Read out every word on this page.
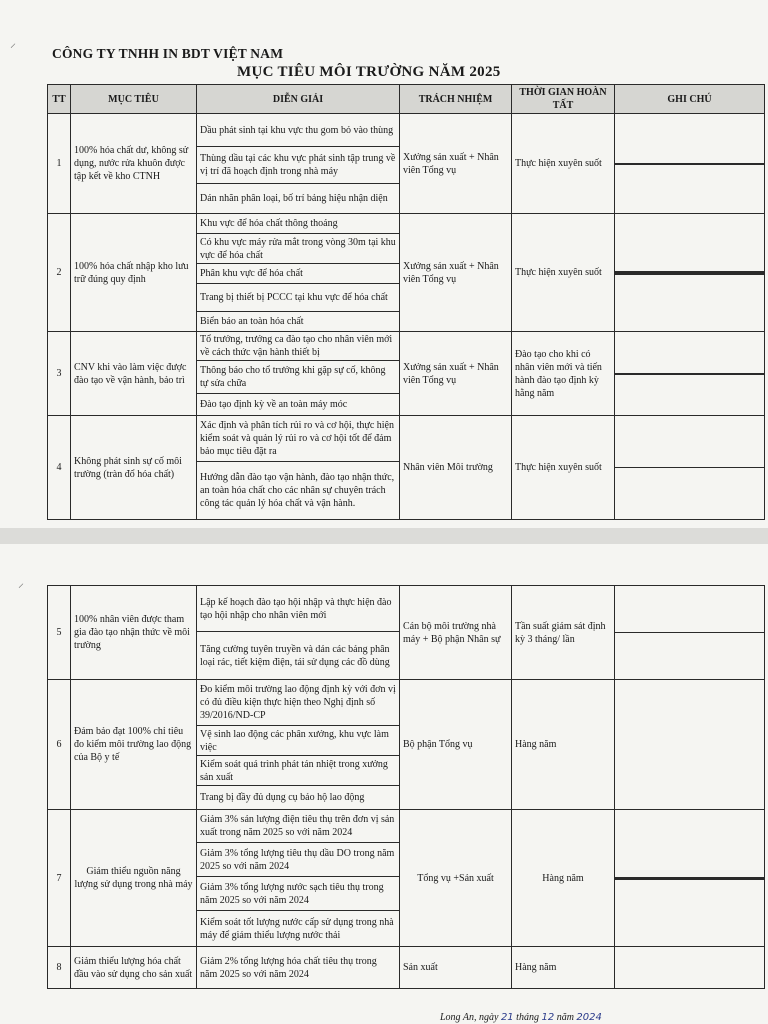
CÔNG TY TNHH IN BDT VIỆT NAM
MỤC TIÊU MÔI TRƯỜNG NĂM 2025
TT	MỤC TIÊU	DIỄN GIẢI	TRÁCH NHIỆM	THỜI GIAN HOÀN TẤT	GHI CHÚ
1	100% hóa chất dư, không sử dụng, nước rửa khuôn được tập kết về kho CTNH	Dầu phát sinh tại khu vực thu gom bỏ vào thùng	Xưởng sản xuất + Nhân viên Tổng vụ	Thực hiện xuyên suốt	

		Thùng dầu tại các khu vực phát sinh tập trung về vị trí đã hoạch định trong nhà máy			
		Dán nhãn phân loại, bố trí bảng hiệu nhận diện			
2	100% hóa chất nhập kho lưu trữ đúng quy định	Khu vực để hóa chất thông thoáng	Xưởng sản xuất + Nhân viên Tổng vụ	Thực hiện xuyên suốt	

		Có khu vực máy rửa mắt trong vòng 30m tại khu vực để hóa chất			
		Phân khu vực để hóa chất			
		Trang bị thiết bị PCCC tại khu vực để hóa chất			
		Biển báo an toàn hóa chất			
3	CNV khi vào làm việc được đào tạo về vận hành, bảo trì	Tổ trưởng, trưởng ca đào tạo cho nhân viên mới về cách thức vận hành thiết bị	Xưởng sản xuất + Nhân viên Tổng vụ	Đào tạo cho khi có nhân viên mới và tiến hành đào tạo định kỳ hằng năm	

		Thông báo cho tổ trưởng khi gặp sự cố, không tự sửa chữa			
		Đào tạo định kỳ về an toàn máy móc			
4	Không phát sinh sự cố môi trường (tràn đổ hóa chất)	Xác định và phân tích rủi ro và cơ hội, thực hiện kiểm soát và quản lý rủi ro và cơ hội tốt để đảm bảo mục tiêu đặt ra	Nhân viên Môi trường	Thực hiện xuyên suốt	

		Hướng dẫn đào tạo vận hành, đào tạo nhận thức, an toàn hóa chất cho các nhân sự chuyên trách công tác quản lý hóa chất và vận hành.			
⸝
⸝
5	100% nhân viên được tham gia đào tạo nhận thức về môi trường	Lập kế hoạch đào tạo hội nhập và thực hiện đào tạo hội nhập cho nhân viên mới	Cán bộ môi trường nhà máy + Bộ phận Nhân sự	Tần suất giám sát định kỳ 3 tháng/ lần	

		Tăng cường tuyên truyền và dán các bảng phân loại rác, tiết kiệm điện, tái sử dụng các đồ dùng			
6	Đảm bảo đạt 100% chỉ tiêu đo kiểm môi trường lao động của Bộ y tế	Đo kiểm môi trường lao động định kỳ với đơn vị có đủ điều kiện thực hiện theo Nghị định số 39/2016/ND-CP	Bộ phận Tổng vụ	Hàng năm	

		Vệ sinh lao động các phân xưởng, khu vực làm việc			
		Kiểm soát quá trình phát tán nhiệt trong xưởng sản xuất			
		Trang bị đầy đủ dụng cụ bảo hộ lao động			
7	Giảm thiểu nguồn năng lượng sử dụng trong nhà máy	Giảm 3% sản lượng điện tiêu thụ trên đơn vị sản xuất trong năm 2025 so với năm 2024	Tổng vụ +Sản xuất	Hàng năm	

		Giảm 3% tổng lượng tiêu thụ dầu DO trong năm 2025 so với năm 2024			
		Giảm 3% tổng lượng nước sạch tiêu thụ trong năm 2025 so với năm 2024			
		Kiểm soát tốt lượng nước cấp sử dụng trong nhà máy để giảm thiểu lượng nước thải			
8	Giảm thiểu lượng hóa chất đầu vào sử dụng cho sản xuất	Giảm 2% tổng lượng hóa chất tiêu thụ trong năm 2025 so với năm 2024	Sản xuất	Hàng năm	
Long An, ngày 21 tháng 12 năm 2024
